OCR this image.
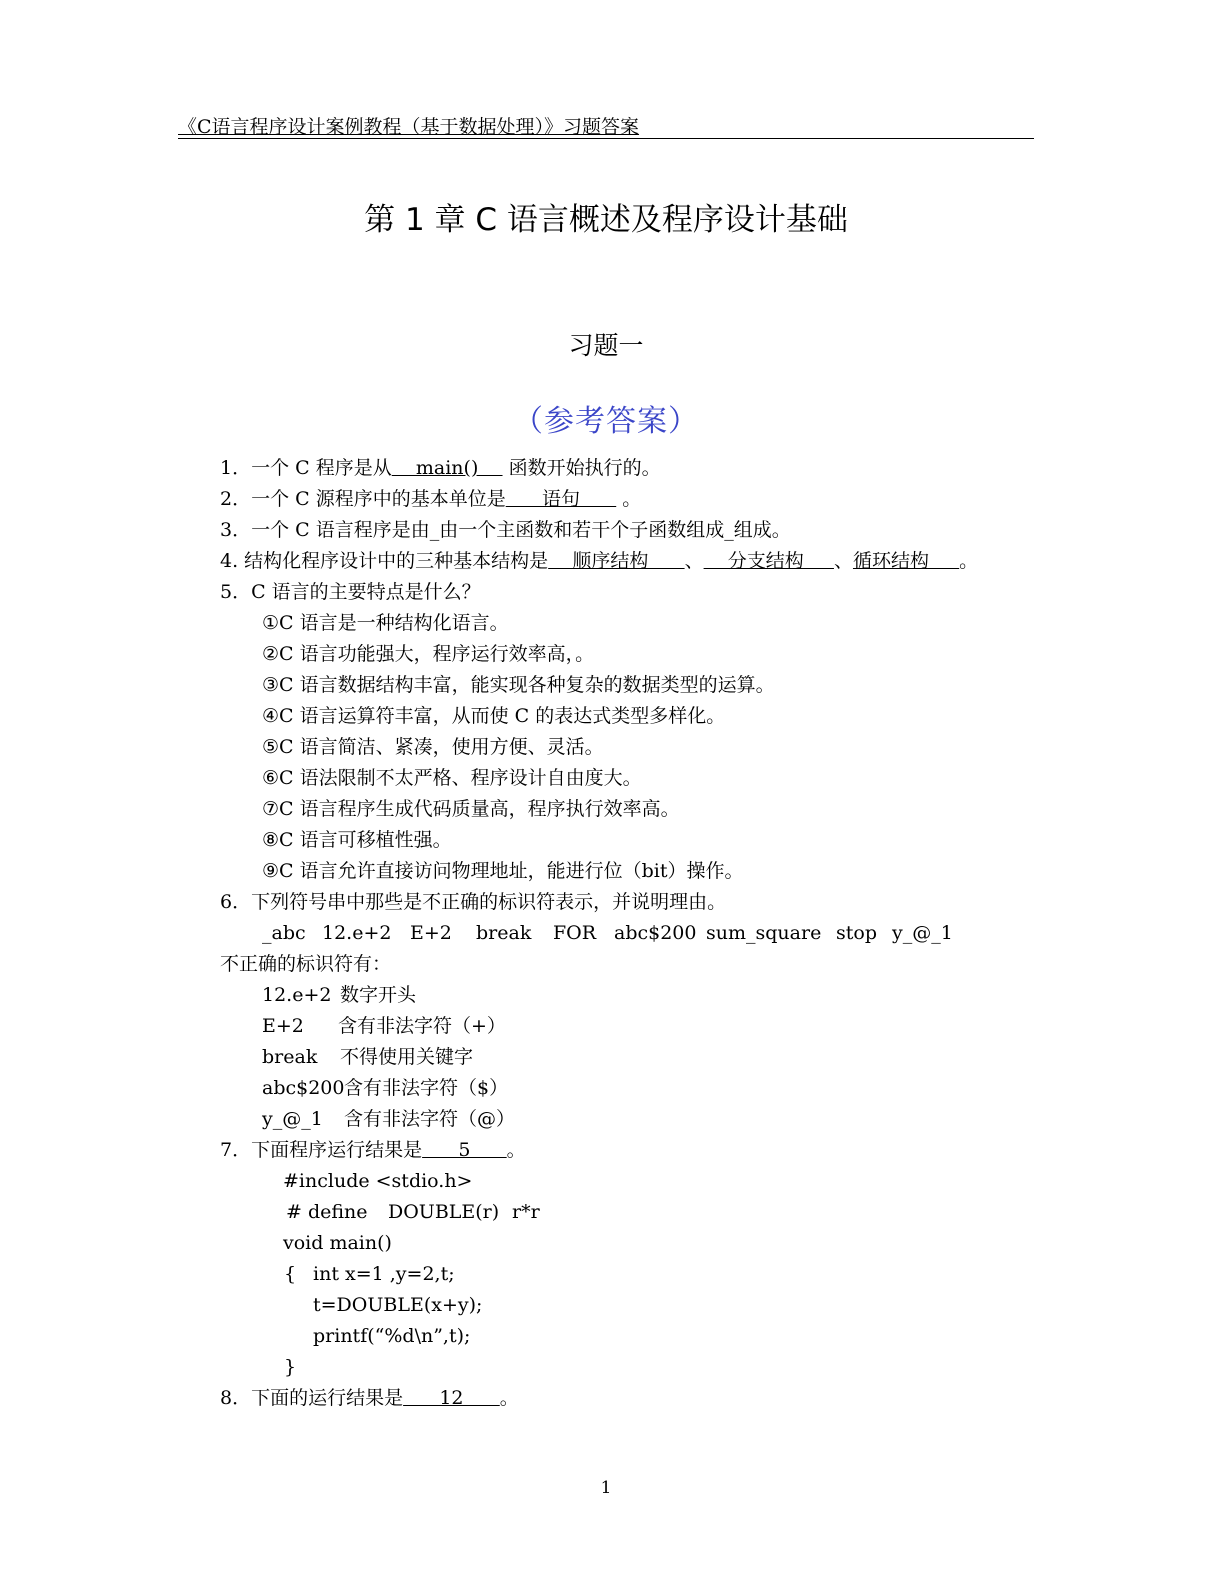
《C语言程序设计案例教程（基于数据处理）》习题答案
第 1 章 C 语言概述及程序设计基础
习题一
（参考答案）
1．一个 C 程序是从    main()     函数开始执行的。
2．一个 C 源程序中的基本单位是      语句       。
3．一个 C 语言程序是由_由一个主函数和若干个子函数组成_组成。
4. 结构化程序设计中的三种基本结构是    顺序结构      、    分支结构     、循环结构     。
5．C 语言的主要特点是什么？
①C 语言是一种结构化语言。
②C 语言功能强大，程序运行效率高，。
③C 语言数据结构丰富，能实现各种复杂的数据类型的运算。
④C 语言运算符丰富，从而使 C 的表达式类型多样化。
⑤C 语言简洁、紧凑，使用方便、灵活。
⑥C 语法限制不太严格、程序设计自由度大。
⑦C 语言程序生成代码质量高，程序执行效率高。
⑧C 语言可移植性强。
⑨C 语言允许直接访问物理地址，能进行位（bit）操作。
6．下列符号串中那些是不正确的标识符表示，并说明理由。
_abc 12.e+2 E+2 break FOR abc$200 sum_square stop y_@_1
不正确的标识符有：
12.e+2 数字开头
E+2 含有非法字符（+）
break 不得使用关键字
abc$200 含有非法字符（$）
y_@_1 含有非法字符（@）
7．下面程序运行结果是      5      。
#include <stdio.h>
# define DOUBLE(r) r*r
void main()
{ int x=1 ,y=2,t;
t=DOUBLE(x+y);
printf(“%d\n”,t);
}
8．下面的运行结果是      12      。
1
